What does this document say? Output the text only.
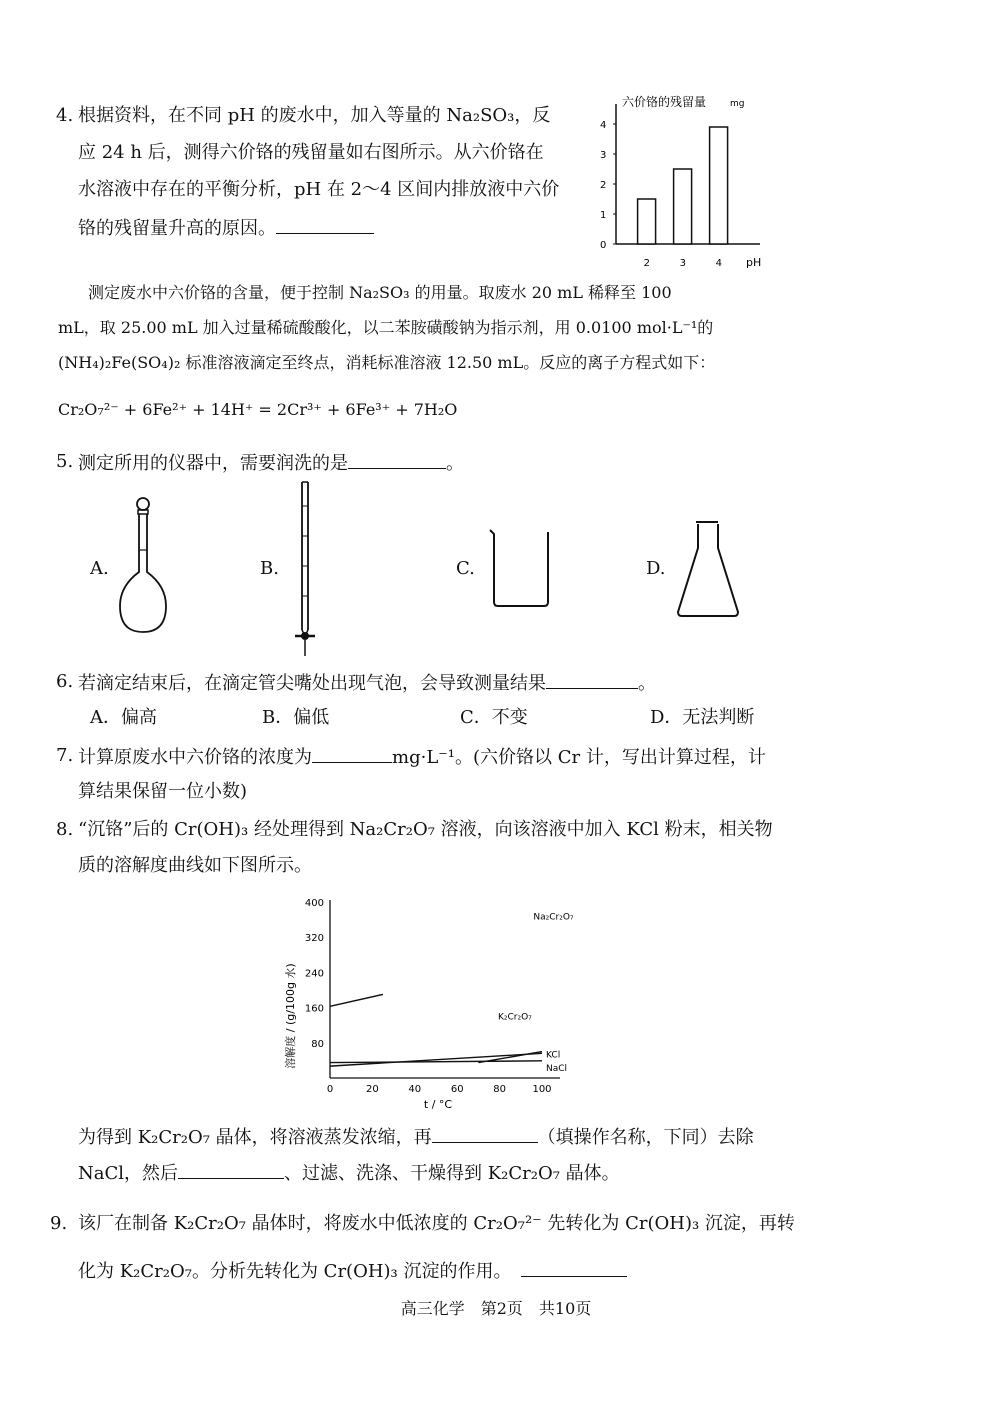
4. 根据资料，在不同 pH 的废水中，加入等量的 Na₂SO₃，反
应 24 h 后，测得六价铬的残留量如右图所示。从六价铬在
水溶液中存在的平衡分析，pH 在 2～4 区间内排放液中六价
铬的残留量升高的原因。
六价铬的残留量	mg
0
1
2
3
4
2	3	4 pH
测定废水中六价铬的含量，便于控制 Na₂SO₃ 的用量。取废水 20 mL 稀释至 100
mL，取 25.00 mL 加入过量稀硫酸酸化，以二苯胺磺酸钠为指示剂，用 0.0100 mol·L⁻¹的
(NH₄)₂Fe(SO₄)₂ 标准溶液滴定至终点，消耗标准溶液 12.50 mL。反应的离子方程式如下：
Cr₂O₇²⁻ + 6Fe²⁺ + 14H⁺ = 2Cr³⁺ + 6Fe³⁺ + 7H₂O
5. 测定所用的仪器中，需要润洗的是	。
A.	B.	C.	D.
6. 若滴定结束后，在滴定管尖嘴处出现气泡，会导致测量结果	。
A．偏高	B．偏低	C．不变	D．无法判断
7. 计算原废水中六价铬的浓度为	mg·L⁻¹。(六价铬以 Cr 计，写出计算过程，计
算结果保留一位小数)
8. “沉铬”后的 Cr(OH)₃ 经处理得到 Na₂Cr₂O₇ 溶液，向该溶液中加入 KCl 粉末，相关物
质的溶解度曲线如下图所示。
溶解度 / (g/100g 水) 80
160
240
320
400
0	20	40	60	80	100
Na₂Cr₂O₇
K₂Cr₂O₇
KCl
NaCl
t / °C
为得到 K₂Cr₂O₇ 晶体，将溶液蒸发浓缩，再	（填操作名称，下同）去除
NaCl，然后	、过滤、洗涤、干燥得到 K₂Cr₂O₇ 晶体。
9. 该厂在制备 K₂Cr₂O₇ 晶体时，将废水中低浓度的 Cr₂O₇²⁻ 先转化为 Cr(OH)₃ 沉淀，再转
化为 K₂Cr₂O₇。分析先转化为 Cr(OH)₃ 沉淀的作用。
高三化学　第2页　共10页
